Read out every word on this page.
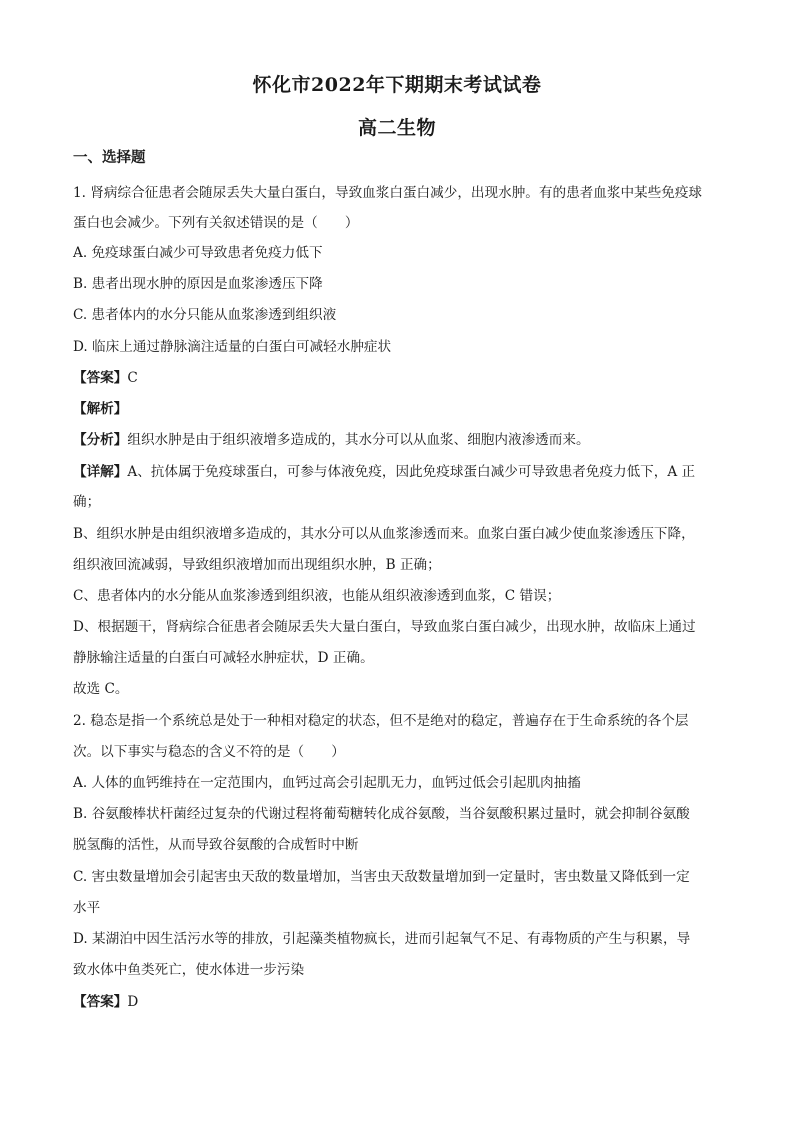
怀化市2022年下期期末考试试卷
高二生物
一、选择题
1. 肾病综合征患者会随尿丢失大量白蛋白，导致血浆白蛋白减少，出现水肿。有的患者血浆中某些免疫球
蛋白也会减少。下列有关叙述错误的是（　　）
A. 免疫球蛋白减少可导致患者免疫力低下
B. 患者出现水肿的原因是血浆渗透压下降
C. 患者体内的水分只能从血浆渗透到组织液
D. 临床上通过静脉滴注适量的白蛋白可减轻水肿症状
【答案】C
【解析】
【分析】组织水肿是由于组织液增多造成的，其水分可以从血浆、细胞内液渗透而来。
【详解】A、抗体属于免疫球蛋白，可参与体液免疫，因此免疫球蛋白减少可导致患者免疫力低下，A 正
确；
B、组织水肿是由组织液增多造成的，其水分可以从血浆渗透而来。血浆白蛋白减少使血浆渗透压下降，
组织液回流减弱，导致组织液增加而出现组织水肿，B 正确；
C、患者体内的水分能从血浆渗透到组织液，也能从组织液渗透到血浆，C 错误；
D、根据题干，肾病综合征患者会随尿丢失大量白蛋白，导致血浆白蛋白减少，出现水肿，故临床上通过
静脉输注适量的白蛋白可减轻水肿症状，D 正确。
故选 C。
2. 稳态是指一个系统总是处于一种相对稳定的状态，但不是绝对的稳定，普遍存在于生命系统的各个层
次。以下事实与稳态的含义不符的是（　　）
A. 人体的血钙维持在一定范围内，血钙过高会引起肌无力，血钙过低会引起肌肉抽搐
B. 谷氨酸棒状杆菌经过复杂的代谢过程将葡萄糖转化成谷氨酸，当谷氨酸积累过量时，就会抑制谷氨酸
脱氢酶的活性，从而导致谷氨酸的合成暂时中断
C. 害虫数量增加会引起害虫天敌的数量增加，当害虫天敌数量增加到一定量时，害虫数量又降低到一定
水平
D. 某湖泊中因生活污水等的排放，引起藻类植物疯长，进而引起氧气不足、有毒物质的产生与积累，导
致水体中鱼类死亡，使水体进一步污染
【答案】D
